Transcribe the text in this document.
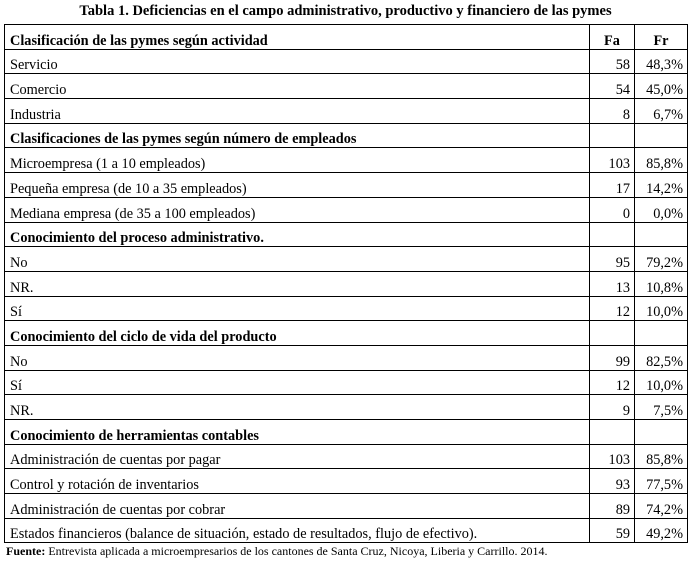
Tabla 1. Deficiencias en el campo administrativo, productivo y financiero de las pymes
Clasificación de las pymes según actividad	Fa	Fr
Servicio	58	48,3%
Comercio	54	45,0%
Industria	8	6,7%
Clasificaciones de las pymes según número de empleados		
Microempresa (1 a 10 empleados)	103	85,8%
Pequeña empresa (de 10 a 35 empleados)	17	14,2%
Mediana empresa (de 35 a 100 empleados)	0	0,0%
Conocimiento del proceso administrativo.		
No	95	79,2%
NR.	13	10,8%
Sí	12	10,0%
Conocimiento del ciclo de vida del producto		
No	99	82,5%
Sí	12	10,0%
NR.	9	7,5%
Conocimiento de herramientas contables		
Administración de cuentas por pagar	103	85,8%
Control y rotación de inventarios	93	77,5%
Administración de cuentas por cobrar	89	74,2%
Estados financieros (balance de situación, estado de resultados, flujo de efectivo).	59	49,2%
Fuente: Entrevista aplicada a microempresarios de los cantones de Santa Cruz, Nicoya, Liberia y Carrillo. 2014.
